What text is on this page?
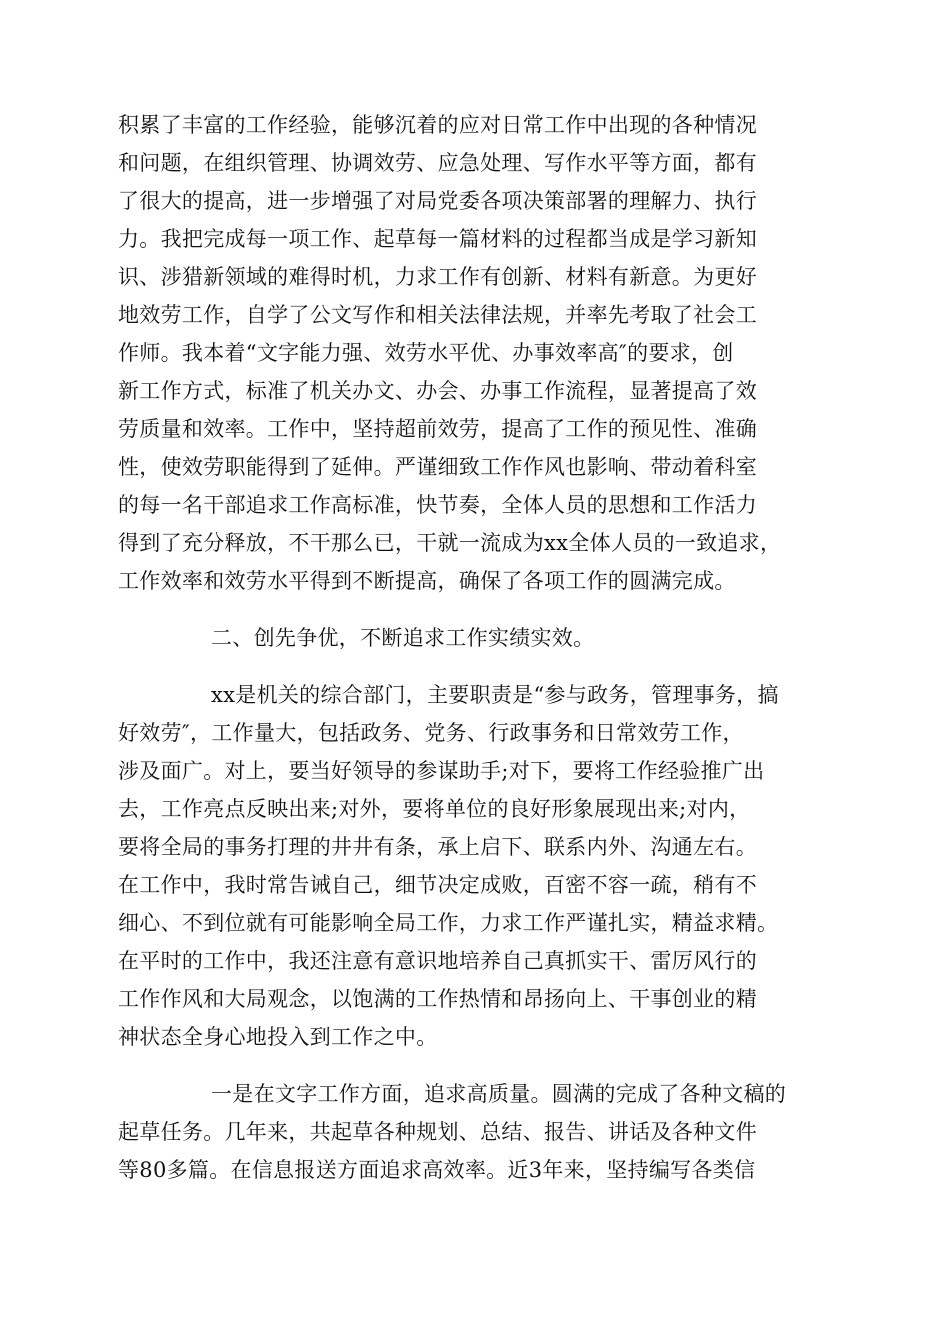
积累了丰富的工作经验，能够沉着的应对日常工作中出现的各种情况
和问题，在组织管理、协调效劳、应急处理、写作水平等方面，都有
了很大的提高，进一步增强了对局党委各项决策部署的理解力、执行
力。我把完成每一项工作、起草每一篇材料的过程都当成是学习新知
识、涉猎新领域的难得时机，力求工作有创新、材料有新意。为更好
地效劳工作，自学了公文写作和相关法律法规，并率先考取了社会工
作师。我本着“文字能力强、效劳水平优、办事效率高″的要求，创
新工作方式，标准了机关办文、办会、办事工作流程，显著提高了效
劳质量和效率。工作中，坚持超前效劳，提高了工作的预见性、准确
性，使效劳职能得到了延伸。严谨细致工作作风也影响、带动着科室
的每一名干部追求工作高标准，快节奏，全体人员的思想和工作活力
得到了充分释放，不干那么已，干就一流成为xx全体人员的一致追求，
工作效率和效劳水平得到不断提高，确保了各项工作的圆满完成。
二、创先争优，不断追求工作实绩实效。
xx是机关的综合部门，主要职责是“参与政务，管理事务，搞
好效劳″，工作量大，包括政务、党务、行政事务和日常效劳工作，
涉及面广。对上，要当好领导的参谋助手;对下，要将工作经验推广出
去，工作亮点反映出来;对外，要将单位的良好形象展现出来;对内，
要将全局的事务打理的井井有条，承上启下、联系内外、沟通左右。
在工作中，我时常告诫自己，细节决定成败，百密不容一疏，稍有不
细心、不到位就有可能影响全局工作，力求工作严谨扎实，精益求精。
在平时的工作中，我还注意有意识地培养自己真抓实干、雷厉风行的
工作作风和大局观念，以饱满的工作热情和昂扬向上、干事创业的精
神状态全身心地投入到工作之中。
一是在文字工作方面，追求高质量。圆满的完成了各种文稿的
起草任务。几年来，共起草各种规划、总结、报告、讲话及各种文件
等80多篇。在信息报送方面追求高效率。近3年来，坚持编写各类信
